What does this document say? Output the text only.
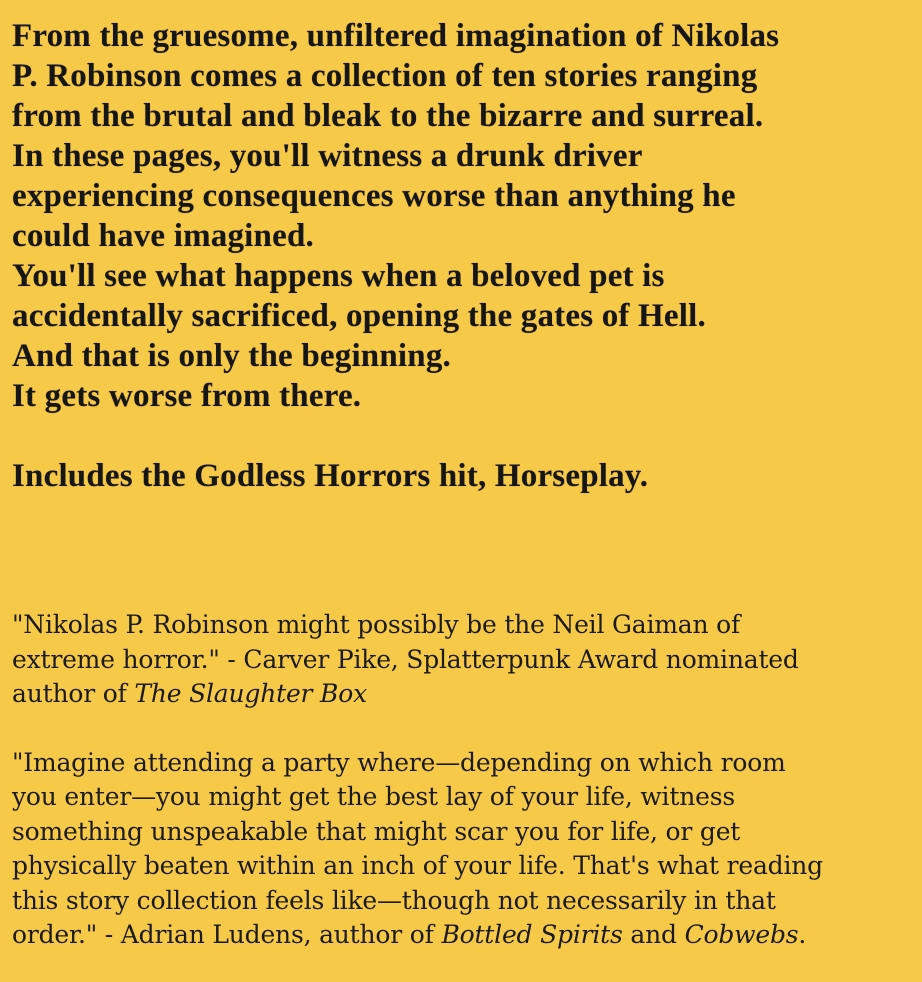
From the gruesome, unfiltered imagination of Nikolas
P. Robinson comes a collection of ten stories ranging
from the brutal and bleak to the bizarre and surreal.
In these pages, you'll witness a drunk driver
experiencing consequences worse than anything he
could have imagined.
You'll see what happens when a beloved pet is
accidentally sacrificed, opening the gates of Hell.
And that is only the beginning.
It gets worse from there.
Includes the Godless Horrors hit, Horseplay.
"Nikolas P. Robinson might possibly be the Neil Gaiman of
extreme horror." - Carver Pike, Splatterpunk Award nominated
author of The Slaughter Box
"Imagine attending a party where—depending on which room
you enter—you might get the best lay of your life, witness
something unspeakable that might scar you for life, or get
physically beaten within an inch of your life. That's what reading
this story collection feels like—though not necessarily in that
order." - Adrian Ludens, author of Bottled Spirits and Cobwebs.
